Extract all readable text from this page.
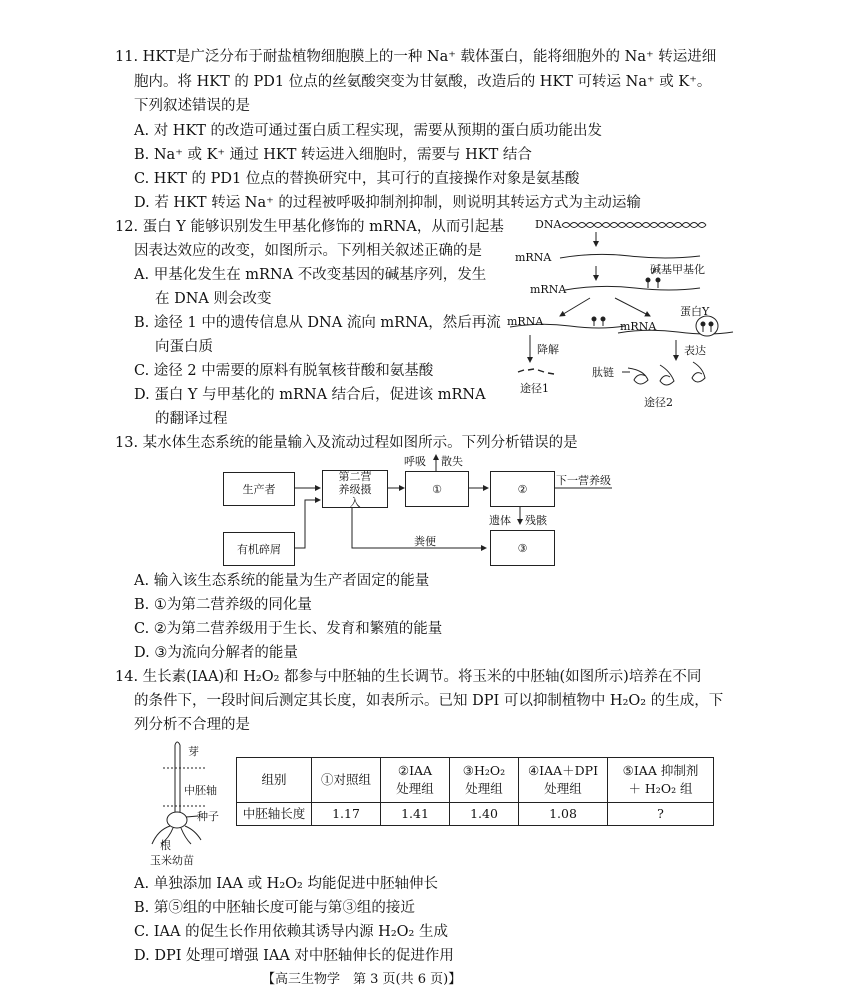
11. HKT是广泛分布于耐盐植物细胞膜上的一种 Na⁺ 载体蛋白，能将细胞外的 Na⁺ 转运进细
胞内。将 HKT 的 PD1 位点的丝氨酸突变为甘氨酸，改造后的 HKT 可转运 Na⁺ 或 K⁺。
下列叙述错误的是
A. 对 HKT 的改造可通过蛋白质工程实现，需要从预期的蛋白质功能出发
B. Na⁺ 或 K⁺ 通过 HKT 转运进入细胞时，需要与 HKT 结合
C. HKT 的 PD1 位点的替换研究中，其可行的直接操作对象是氨基酸
D. 若 HKT 转运 Na⁺ 的过程被呼吸抑制剂抑制，则说明其转运方式为主动运输
12. 蛋白 Y 能够识别发生甲基化修饰的 mRNA，从而引起基
因表达效应的改变，如图所示。下列相关叙述正确的是
A. 甲基化发生在 mRNA 不改变基因的碱基序列，发生
在 DNA 则会改变
B. 途径 1 中的遗传信息从 DNA 流向 mRNA，然后再流
向蛋白质
C. 途径 2 中需要的原料有脱氧核苷酸和氨基酸
D. 蛋白 Y 与甲基化的 mRNA 结合后，促进该 mRNA
的翻译过程
DNA
mRNA
mRNA
碱基甲基化
蛋白Y
mRNA	mRNA
降解	表达
肽链
途径1
途径2
13. 某水体生态系统的能量输入及流动过程如图所示。下列分析错误的是
生产者
第二营养级摄入
①	②
有机碎屑	③
呼吸 散失
下一营养级
遗体 残骸
粪便
A. 输入该生态系统的能量为生产者固定的能量
B. ①为第二营养级的同化量
C. ②为第二营养级用于生长、发育和繁殖的能量
D. ③为流向分解者的能量
14. 生长素(IAA)和 H₂O₂ 都参与中胚轴的生长调节。将玉米的中胚轴(如图所示)培养在不同
的条件下，一段时间后测定其长度，如表所示。已知 DPI 可以抑制植物中 H₂O₂ 的生成，下
列分析不合理的是
芽
中胚轴
种子
根
玉米幼苗
组别	①对照组	②IAA 处理组	③H₂O₂ 处理组	④IAA＋DPI 处理组	⑤IAA 抑制剂＋ H₂O₂ 组
中胚轴长度	1.17	1.41	1.40	1.08	?
A. 单独添加 IAA 或 H₂O₂ 均能促进中胚轴伸长
B. 第⑤组的中胚轴长度可能与第③组的接近
C. IAA 的促生长作用依赖其诱导内源 H₂O₂ 生成
D. DPI 处理可增强 IAA 对中胚轴伸长的促进作用
【高三生物学　第 3 页(共 6 页)】
